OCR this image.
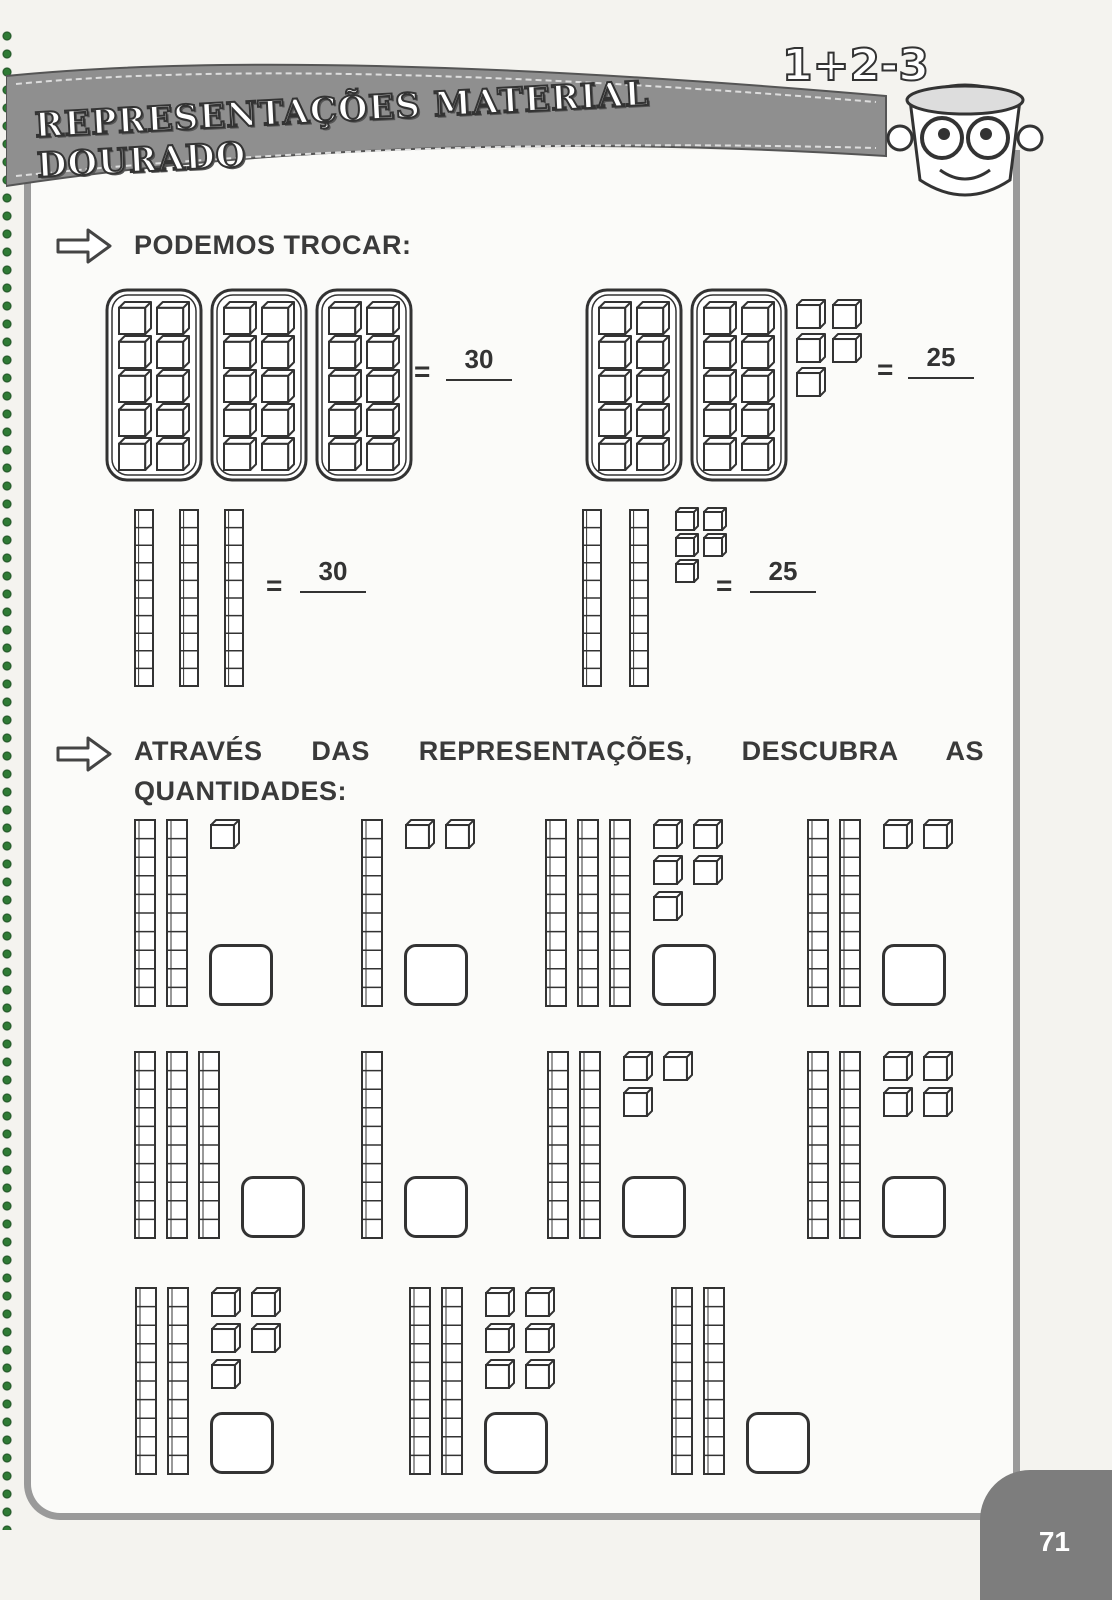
REPRESENTAÇÕES MATERIAL DOURADO
1+2-3
PODEMOS TROCAR:
=	30	=	25
=	30	=	25
ATRAVÉS DAS REPRESENTAÇÕES, DESCUBRA AS
QUANTIDADES:
71
